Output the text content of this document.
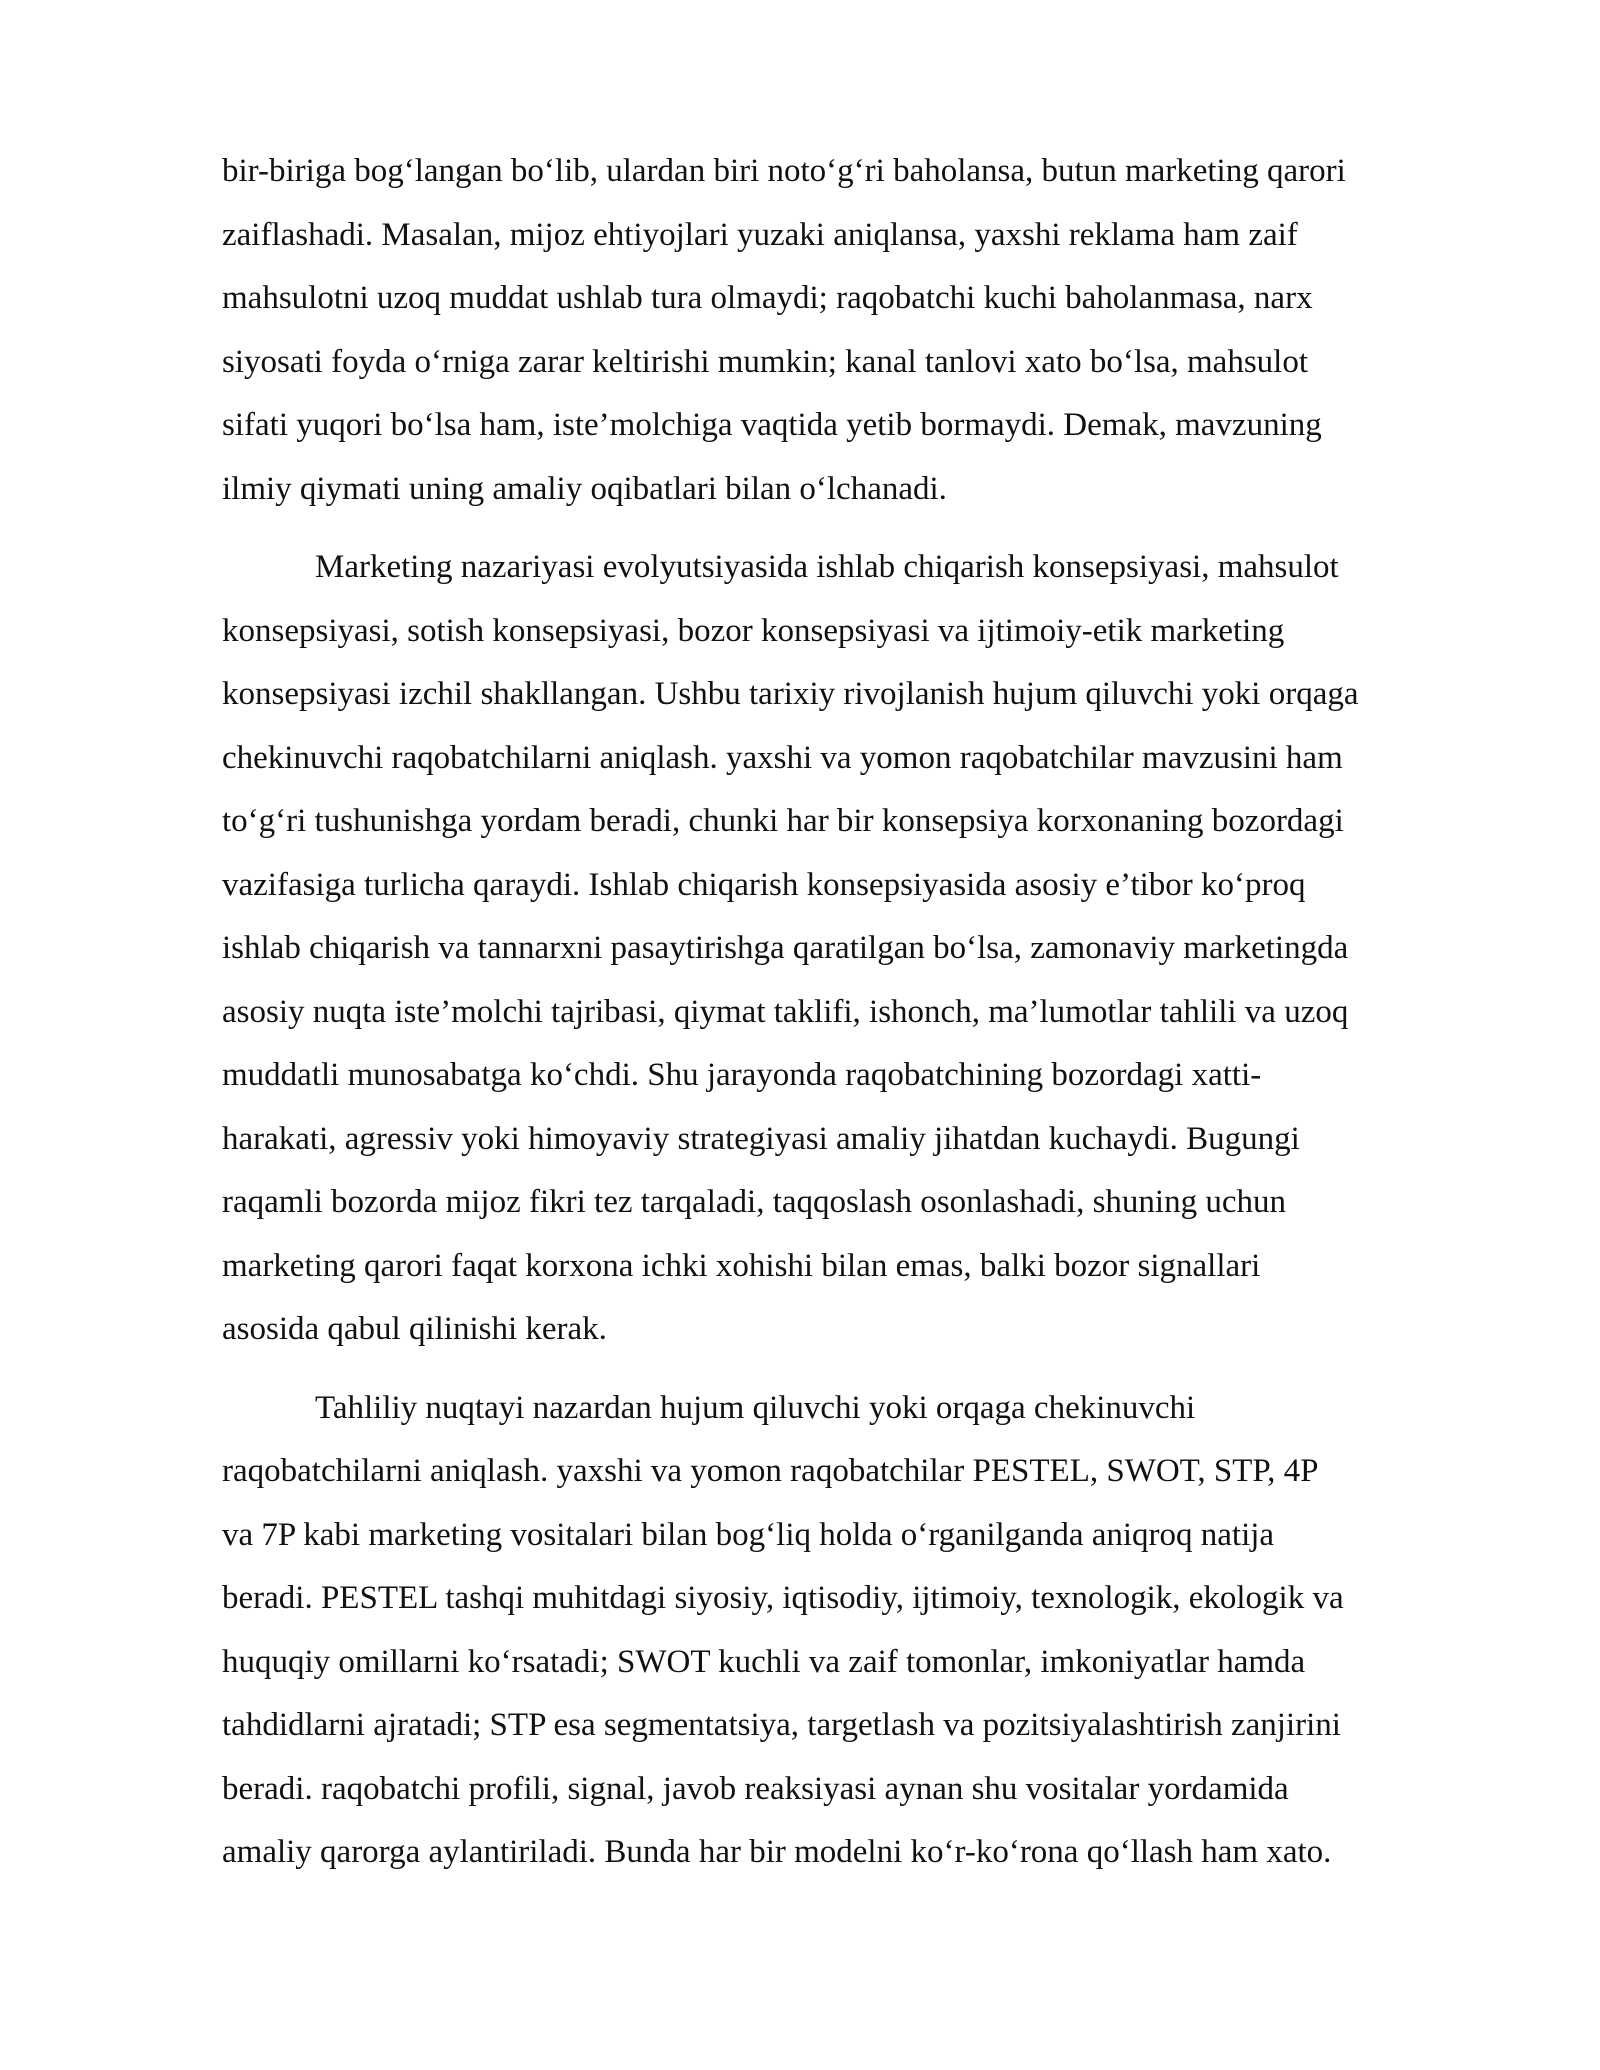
bir-biriga bog‘langan bo‘lib, ulardan biri noto‘g‘ri baholansa, butun marketing qarori
zaiflashadi. Masalan, mijoz ehtiyojlari yuzaki aniqlansa, yaxshi reklama ham zaif
mahsulotni uzoq muddat ushlab tura olmaydi; raqobatchi kuchi baholanmasa, narx
siyosati foyda o‘rniga zarar keltirishi mumkin; kanal tanlovi xato bo‘lsa, mahsulot
sifati yuqori bo‘lsa ham, iste’molchiga vaqtida yetib bormaydi. Demak, mavzuning
ilmiy qiymati uning amaliy oqibatlari bilan o‘lchanadi.

Marketing nazariyasi evolyutsiyasida ishlab chiqarish konsepsiyasi, mahsulot
konsepsiyasi, sotish konsepsiyasi, bozor konsepsiyasi va ijtimoiy-etik marketing
konsepsiyasi izchil shakllangan. Ushbu tarixiy rivojlanish hujum qiluvchi yoki orqaga
chekinuvchi raqobatchilarni aniqlash. yaxshi va yomon raqobatchilar mavzusini ham
to‘g‘ri tushunishga yordam beradi, chunki har bir konsepsiya korxonaning bozordagi
vazifasiga turlicha qaraydi. Ishlab chiqarish konsepsiyasida asosiy e’tibor ko‘proq
ishlab chiqarish va tannarxni pasaytirishga qaratilgan bo‘lsa, zamonaviy marketingda
asosiy nuqta iste’molchi tajribasi, qiymat taklifi, ishonch, ma’lumotlar tahlili va uzoq
muddatli munosabatga ko‘chdi. Shu jarayonda raqobatchining bozordagi xatti-
harakati, agressiv yoki himoyaviy strategiyasi amaliy jihatdan kuchaydi. Bugungi
raqamli bozorda mijoz fikri tez tarqaladi, taqqoslash osonlashadi, shuning uchun
marketing qarori faqat korxona ichki xohishi bilan emas, balki bozor signallari
asosida qabul qilinishi kerak.

Tahliliy nuqtayi nazardan hujum qiluvchi yoki orqaga chekinuvchi
raqobatchilarni aniqlash. yaxshi va yomon raqobatchilar PESTEL, SWOT, STP, 4P
va 7P kabi marketing vositalari bilan bog‘liq holda o‘rganilganda aniqroq natija
beradi. PESTEL tashqi muhitdagi siyosiy, iqtisodiy, ijtimoiy, texnologik, ekologik va
huquqiy omillarni ko‘rsatadi; SWOT kuchli va zaif tomonlar, imkoniyatlar hamda
tahdidlarni ajratadi; STP esa segmentatsiya, targetlash va pozitsiyalashtirish zanjirini
beradi. raqobatchi profili, signal, javob reaksiyasi aynan shu vositalar yordamida
amaliy qarorga aylantiriladi. Bunda har bir modelni ko‘r-ko‘rona qo‘llash ham xato.
